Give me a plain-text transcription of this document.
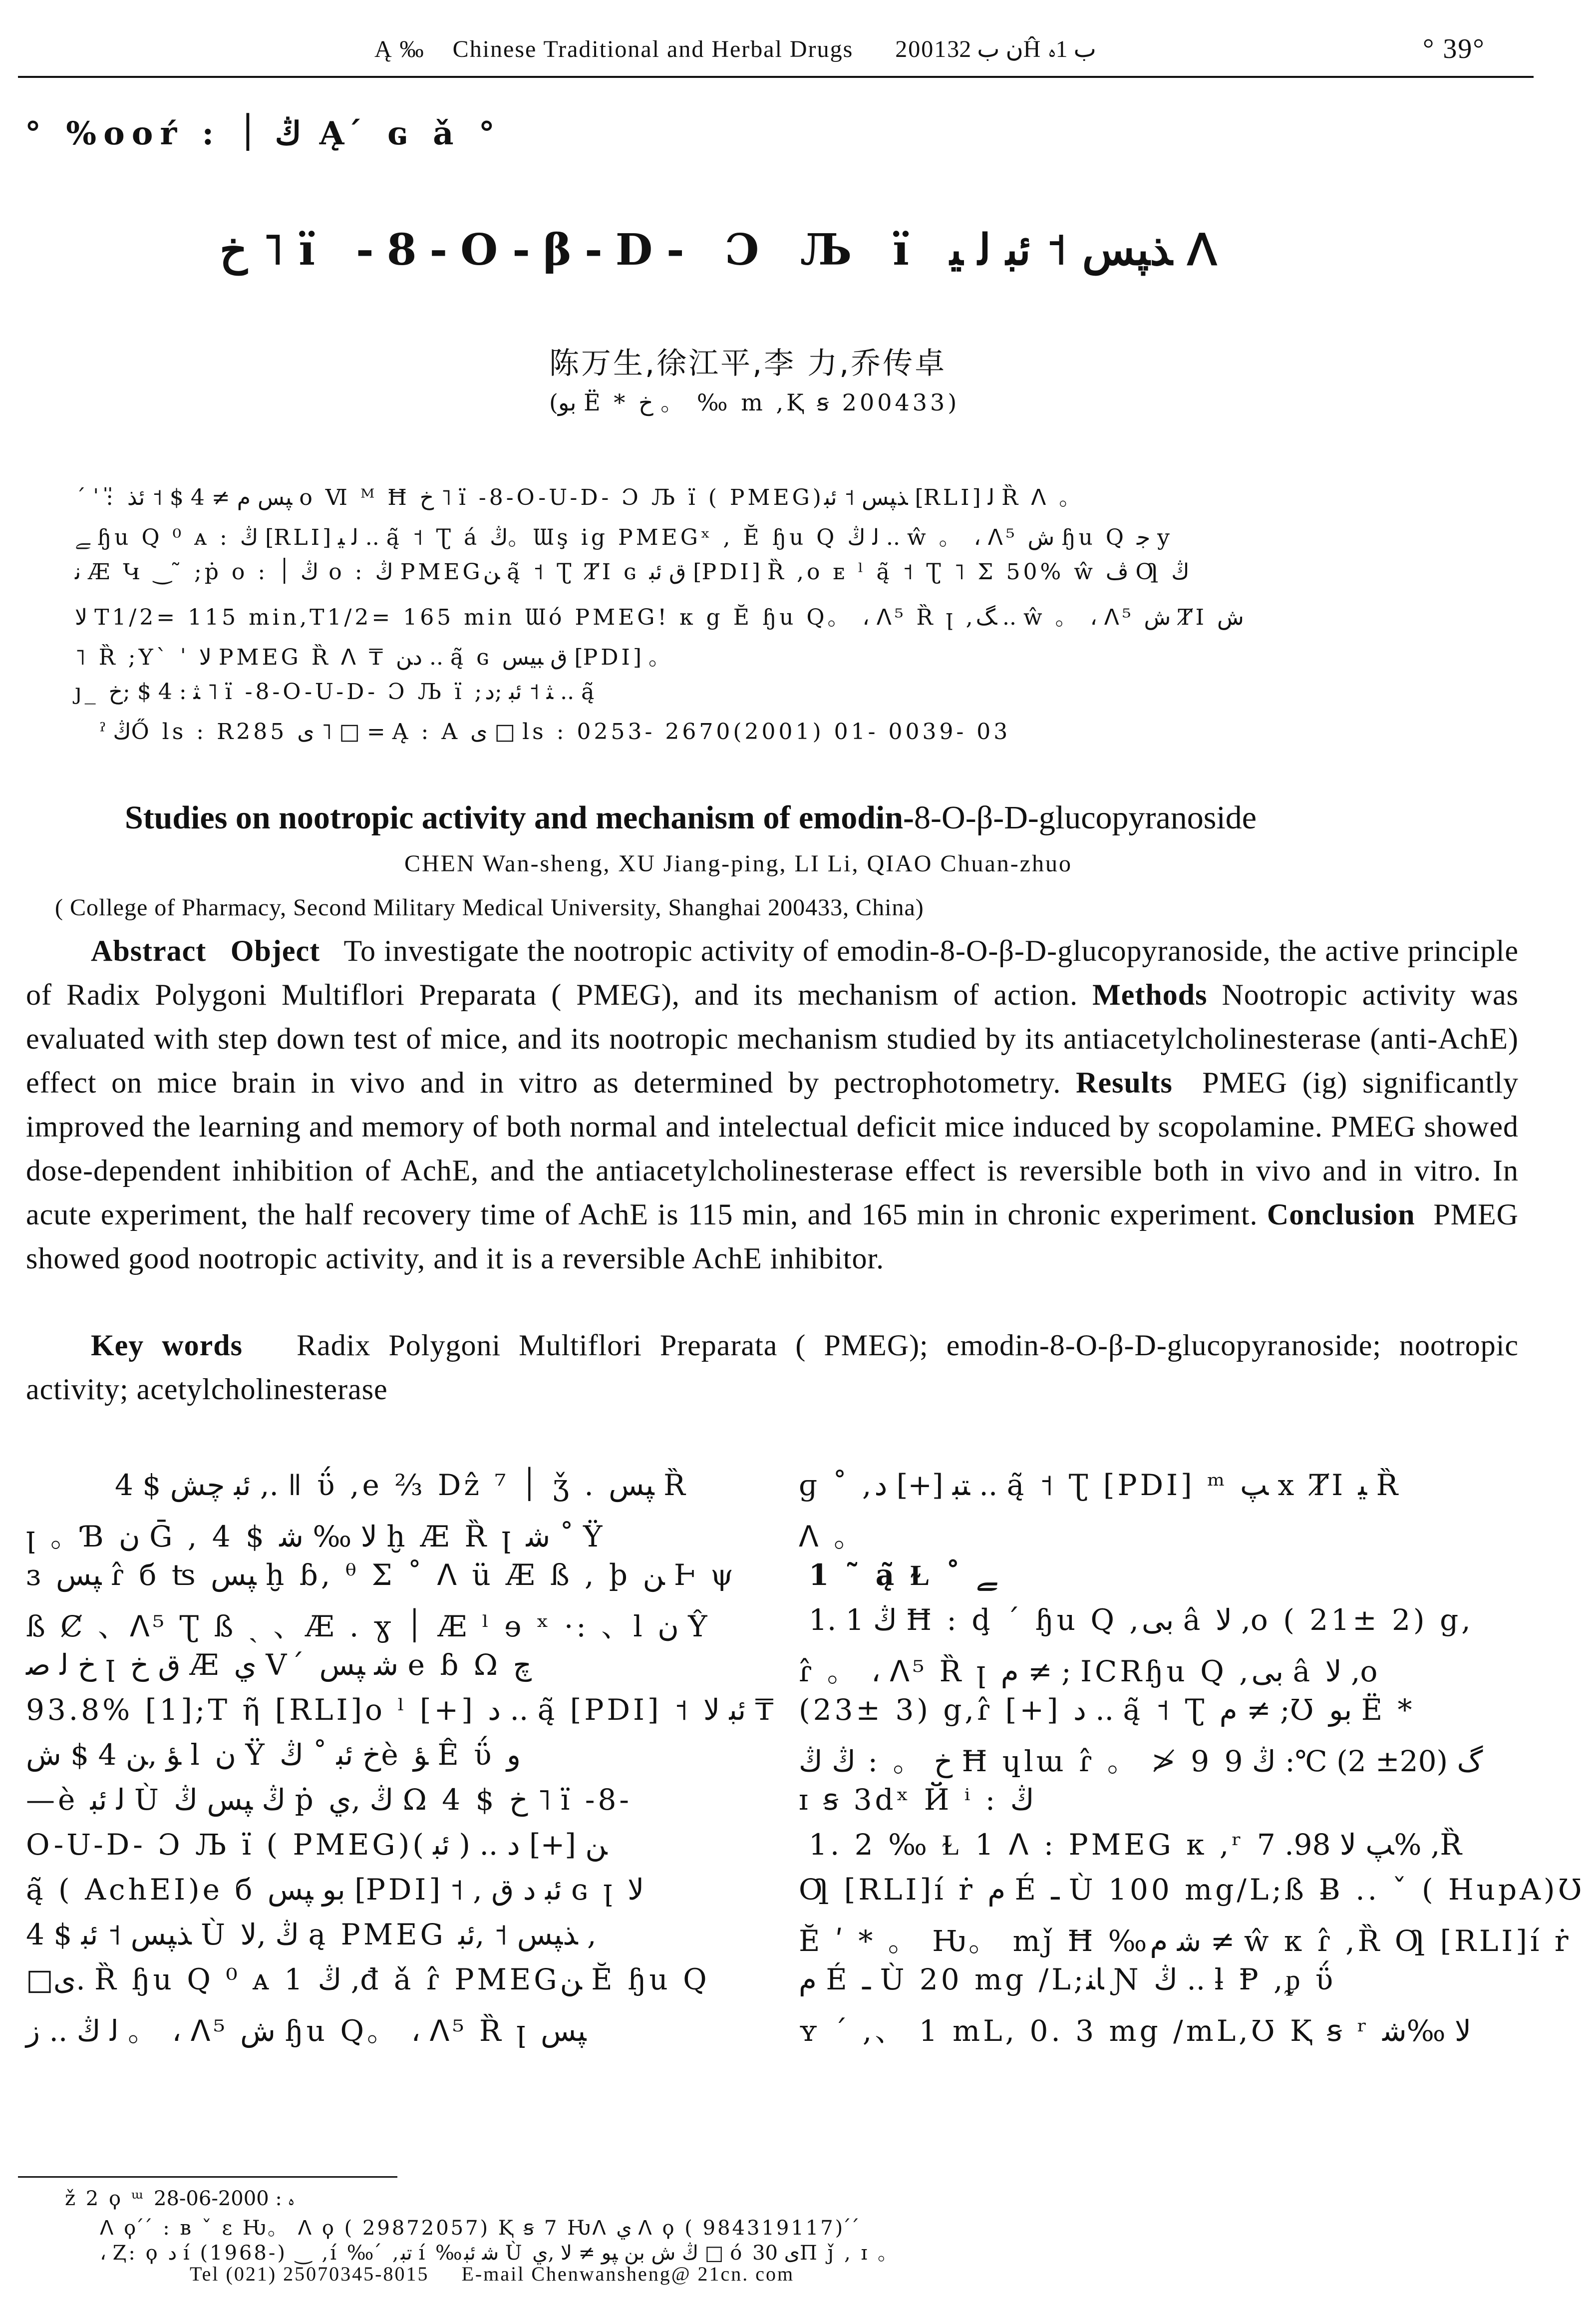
Ą ‰ Chinese Traditional and Herbal Drugs 2001ن ب 32Ĥ ب 1ﮦ	° 39°
° %ooŕ : ڭ ׀ Ą ́ ɢ ǎ °
ﺥ ˥ ï -8-O-β-D- Ɔ Љ ï ﺬﭙﺲ ˦ ﺋﺒ ﻟ ﻴ ᐱ
陈万生,徐江平,李 力,乔传卓
(ﺑﻮ Ë * ﺥ 。 ‰ m ,Ⱪ ꞩ 200433)
ˊ ˈ : ̎ ﭙﺲ ﻡ ≠ 4 $ ˦ ﺋﺬ ο Ⅵ ᴹ Ħ ﺥ ˥ ï -8-O-U-D- Ɔ Љ ï ( PMEG)ﺬﭙﺲ ˦ ﺋﺒ [RLI] ﻟ Ȑ ᐱ 。
ﮯ ɧu Q ⁰ ᴀ : ڭ [RLI] ﻟ ﻴ .. ą̃ ˦ Ʈ á ڭ。Ɯş ig PMEGˣ , Ĕ ɧu Q ﻟ ڭ .. ŵ 。 ، ᐱ⁵ ﺵ ɧu Q ﺟ y
ﻧ Æ Կ ‿ ̃ ;ṗ ᴏ : ڭ ׀ ᴏ : ڭ PMEGﻦ ą̃ ˦ Ʈ ȾI ɢ ﻕ ﺋﺒ [PDI] Ȑ ,ᴏ ᴇ ˡ ą̃ ˦ Ʈ ˥ Σ 50% ŵ ﭪ Ƣ ڭ
ﻻ T1/2= 115 min,T1/2= 165 min Ɯó PMEG! ᴋ g Ĕ ɧu Q。 ، ᐱ⁵ Ȑ ꞁ ,ﮓ .. ŵ 。 ، ᐱ⁵ ﺵ ȾI ﺵ
˥ Ȑ ;Yˋ ˈ ﻻ PMEG Ȑ ᐱ ₸ ﺩﻦ .. ą̃ ɢ ﻕ ﺒﻴﺲ [PDI] 。
ȷ_ ﺜ : 4 $ ;ﺥ ˥ ï -8-O-U-D- Ɔ Љ ï ;ﺜ ˦ ﺋﺒ ;ﺩ .. ą̃
ˀ ڭŐ ls : R285 ﻯ ˥ □ = Ą : A ﻯ □ ls : 0253- 2670(2001) 01- 0039- 03
Studies on nootropic activity and mechanism of emodin-8-O-β-D-glucopyranoside
CHEN Wan-sheng, XU Jiang-ping, LI Li, QIAO Chuan-zhuo
( College of Pharmacy, Second Military Medical University, Shanghai 200433, China)
Abstract Object To investigate the nootropic activity of emodin-8-O-β-D-glucopyranoside, the active principle of Radix Polygoni Multiflori Preparata ( PMEG), and its mechanism of action. Methods Nootropic activity was evaluated with step down test of mice, and its nootropic mechanism studied by its antiacetylcholinesterase (anti-AchE) effect on mice brain in vivo and in vitro as determined by pectrophotometry. Results PMEG (ig) significantly improved the learning and memory of both normal and intelectual deficit mice induced by scopolamine. PMEG showed dose-dependent inhibition of AchE, and the antiacetylcholinesterase effect is reversible both in vivo and in vitro. In acute experiment, the half recovery time of AchE is 115 min, and 165 min in chronic experiment. Conclusion PMEG showed good nootropic activity, and it is a reversible AchE inhibitor.
Key words Radix Polygoni Multiflori Preparata ( PMEG); emodin-8-O-β-D-glucopyranoside; nootropic activity; acetylcholinesterase
4 $ ﺋﺒ ﭼﺶ ,. ǁ ΰ ,e ⅔ Dẑ ׀ ⁷ ǯ . ﭙﺲ Ȑ
ꞁ 。Ɓ ن Ḡ , 4 $ ﻻ ‰ ﺷ ḫ Æ Ȑ ꞁ ﺷ ˚ Ÿ
ɜ ﭙﺲ ɾ̂ б ʦ ﭙﺲ ḫ ɓ, ᶿ Σ ˚ ᐱ ü Æ ß , þ ﻦ Ⱶ ψ
ß Ȼ 、ᐱ⁵ Ʈ ß ˎ 、Æ . ɣ ׀ Æ ˡ ɘ ˣ ·: 、l ن Ŷ
ﺥ ﻟ ﺻ ꞁ ﻕ ﺥ Æ ﻱ V΄ ﺷ ﭙﺲ e ɓ Ω ﭺ
93.8% [1];T ῆ [RLI]o ˡ [+] ﺩ .. ą̃ [PDI] ˦ ﺋﺒ ﻻ ₸
ﺆ ,ﻦ 4 $ ﺵ l ن Ÿ ﺥ ﺋﺒ ˚ ڭè ﺆ Ê ΰ و
—è ﻟ ﺋﺒ Ù ڭ ﭙﺲ ڭ ṗ ڭ ,ﻱ Ω 4 $ ﺥ ˥ ï -8-
O-U-D- Ɔ Љ ï ( PMEG)ﻦ [+] ﺩ .. ( ﺋﺒ )
ą̃ ( AchEI)e б ﺑﻮ ﭙﺲ [PDI] ˦ , ﺋﺒ ﺩ ﻕ ɢ ꞁ ﻻ
4 $ ﺬﭙﺲ ˦ ﺋﺒ Ù ڭ ,ﻻ ą PMEG ﺬﭙﺲ ˦ ,ﺋﺒ ,
□ﯼ. Ȑ ɧu Q ⁰ ᴀ 1 ڭ ,đ ǎ ɾ̂ PMEGﻦ Ĕ ɧu Q
ﻟ ڭ .. ﺯ 。 ، ᐱ⁵ ﺵ ɧu Q。 ، ᐱ⁵ Ȑ ꞁ ﭙﺲ
ɡ ˚ ,ﺘﺒ [+] ﺩ .. ą̃ ˦ Ʈ [PDI] ᵐ ﭗ x ȾI ﻴ Ȑ
ᐱ 。
1 ˜ ą̃ Ɫ ˚ ﮯ
1. 1 ڭ Ħ : ḑ ΄ ɧu Q ,ﺑﻰ â ﻻ ,o ( 21± 2) g,
ɾ̂ 。 ، ᐱ⁵ Ȑ ꞁ ﻡ ≠ ; ICRɧu Q ,ﺑﻰ â ﻻ ,o
(23± 3) g,ɾ̂ [+] ﺩ .. ą̃ ˦ Ʈ ﻡ ≠ ;Ʊ ﺑﻮ Ë *
ﺥ 。 : ڭ ڭ Ħ ɥlɯ ɾ̂ 。 ≯ 9 ﮒ (20± 2) ℃: ڭ 9
ɪ ꞩ 3dˣ Й ⁱ : ڭ
1. 2 ‰ Ɫ 1 ᐱ : PMEG ᴋ ,ʳ ﭗ ﻻ 98. 7% ,Ȑ
Ƣ [RLI]í ṙ ﻡ É ـ Ù 100 mg/L;ß Ƀ .. ˇ ( HupA)Ʊ
Ĕ ʹ * 。 Ƕ。 mǰ Ħ ‰ﺷ ﻡ ≠ ŵ ᴋ ɾ̂ ,Ȑ Ƣ [RLI]í ṙ
ﻡ É ـ Ù 20 mg /L;ﺎﻨ Ɲ ڭ .. ƚ Ᵽ ,ᵱ ΰ
ʏ ΄ ,、 1 mL, 0. 3 mg /mL,Ʊ Ⱪ ꞩ ʳ ﻻ ‰ﺷ
ž 2 ϙ ᵚ ﮦ : 2000-06-28
ᐱ ϙ ́ ́ : ʙ ˇ ɛ Ƕ。 ᐱ ϙ ( 29872057) Ⱪ ꞩ 7 Ƕᐱ ﻱ ᐱ ϙ ( 984319117) ́ ́
، Ⱬ: ϙ ﺩ í (1968-) ‿ ,í ‰ ́ ,ﺗﺒ í ‰ﺷ ﺋﺒ Ù ڭ ﺵ ﺑﻦ ﭙﻮ ≠ ﻻ ,ﻱ □ ó ﻯ 30Π ǰ , ɪ 。
Tel (021) 25070345-8015     E-mail Chenwansheng@ 21cn. com
